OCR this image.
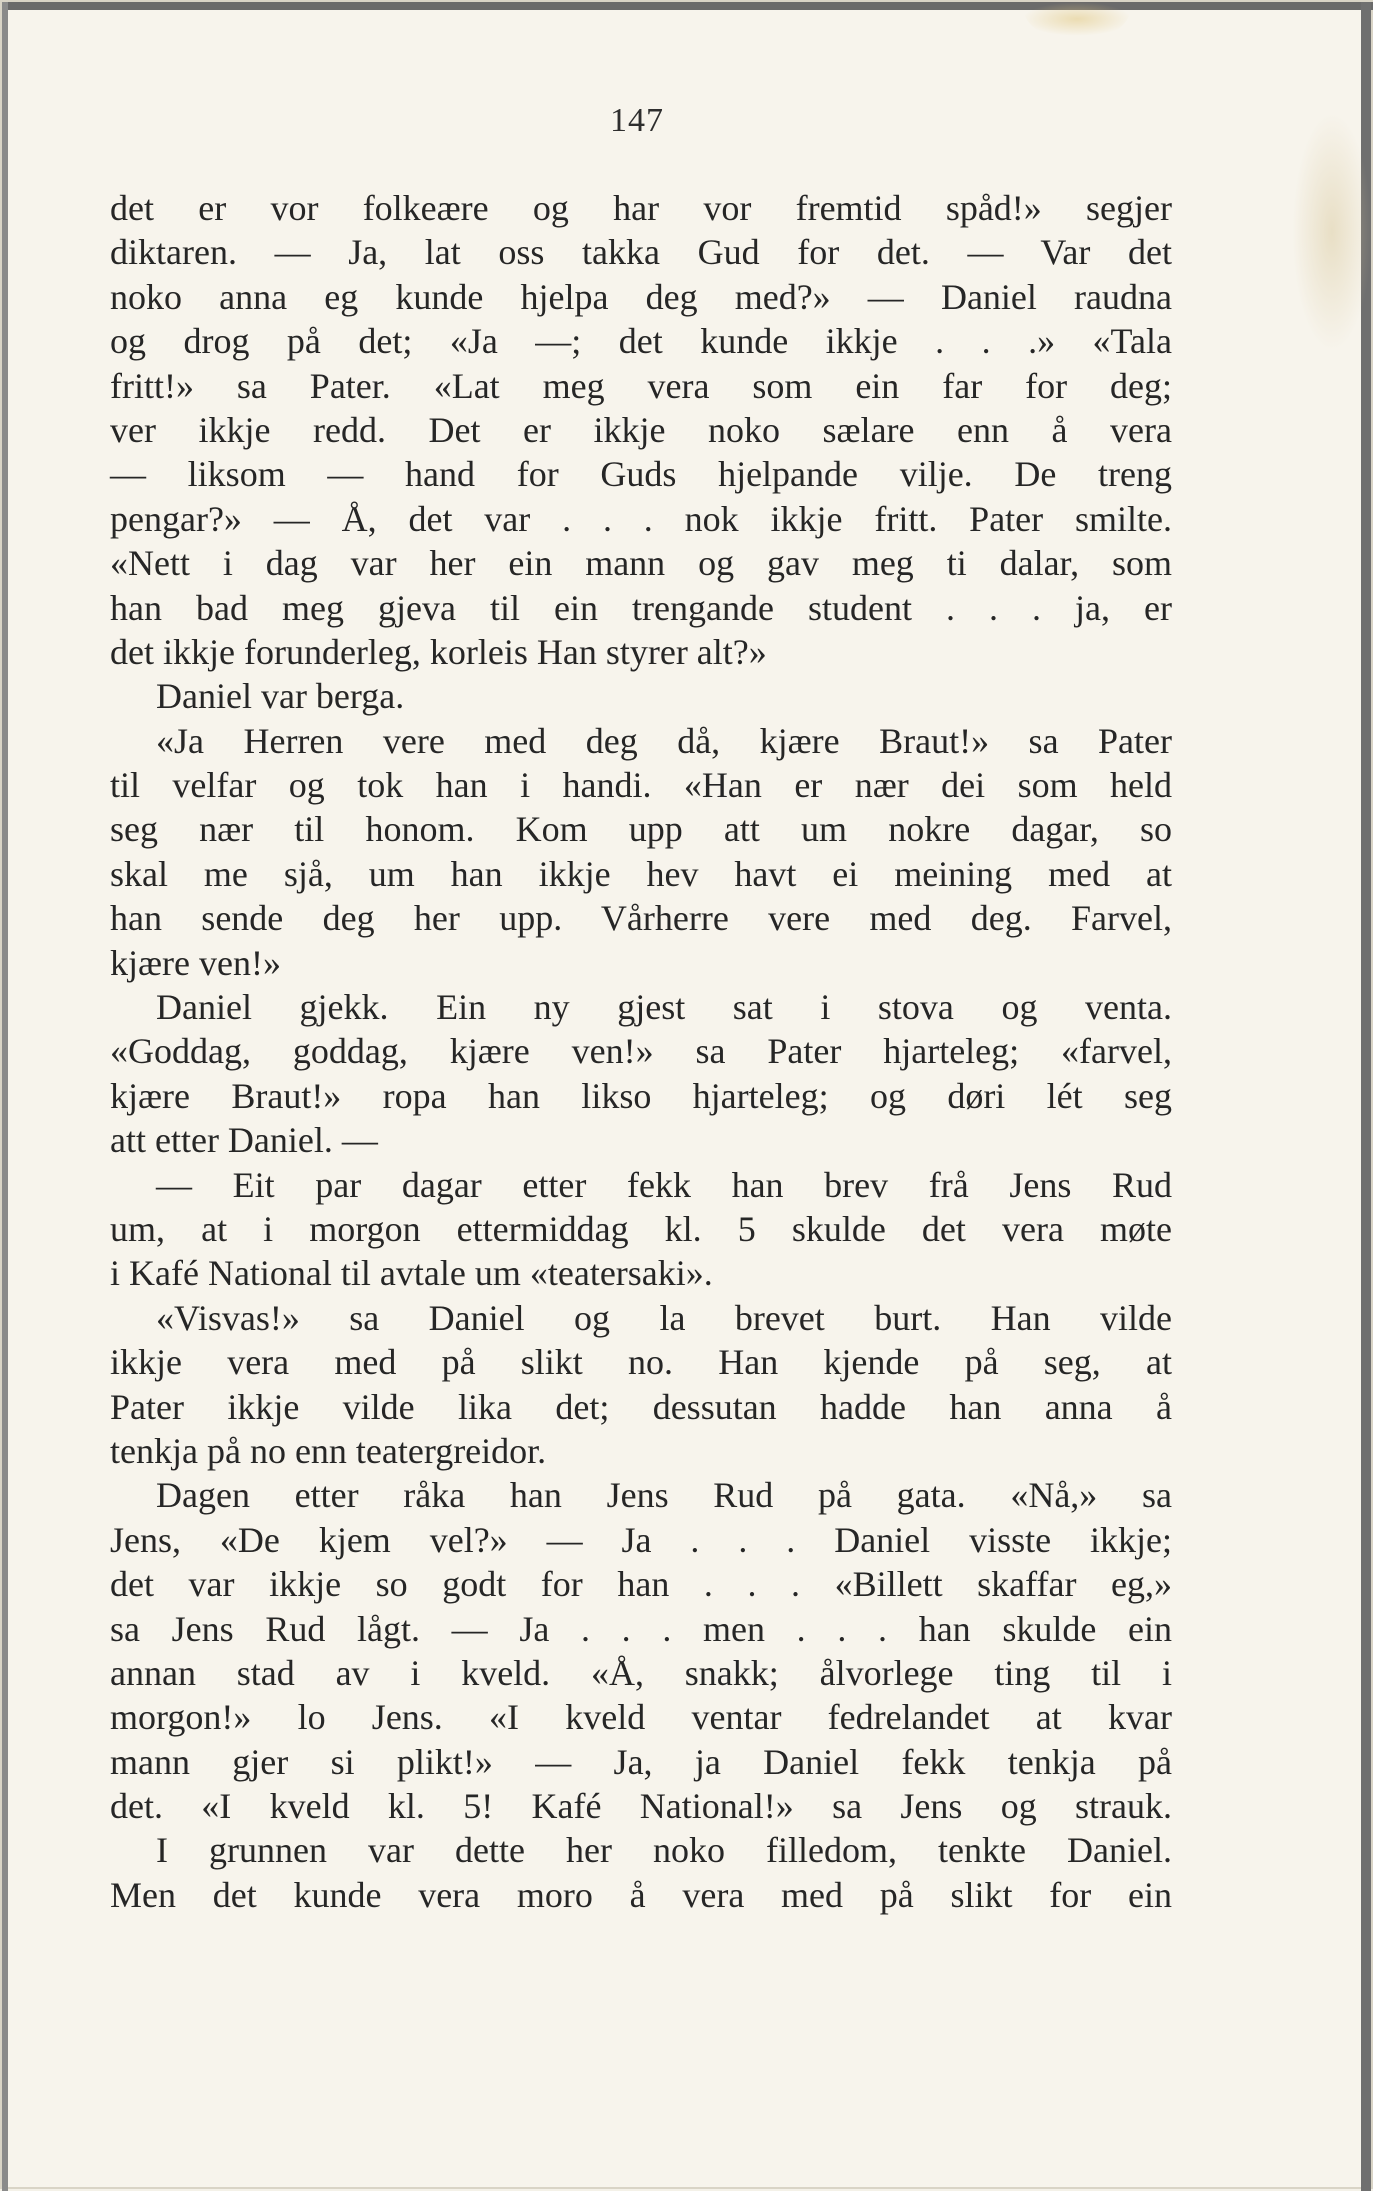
147
det er vor folkeære og har vor fremtid spåd!» segjer
diktaren. — Ja, lat oss takka Gud for det. — Var det
noko anna eg kunde hjelpa deg med?» — Daniel raudna
og drog på det; «Ja —; det kunde ikkje . . .» «Tala
fritt!» sa Pater. «Lat meg vera som ein far for deg;
ver ikkje redd. Det er ikkje noko sælare enn å vera
— liksom — hand for Guds hjelpande vilje. De treng
pengar?» — Å, det var . . . nok ikkje fritt. Pater smilte.
«Nett i dag var her ein mann og gav meg ti dalar, som
han bad meg gjeva til ein trengande student . . . ja, er
det ikkje forunderleg, korleis Han styrer alt?»
Daniel var berga.
«Ja Herren vere med deg då, kjære Braut!» sa Pater
til velfar og tok han i handi. «Han er nær dei som held
seg nær til honom. Kom upp att um nokre dagar, so
skal me sjå, um han ikkje hev havt ei meining med at
han sende deg her upp. Vårherre vere med deg. Farvel,
kjære ven!»
Daniel gjekk. Ein ny gjest sat i stova og venta.
«Goddag, goddag, kjære ven!» sa Pater hjarteleg; «farvel,
kjære Braut!» ropa han likso hjarteleg; og døri lét seg
att etter Daniel. —
— Eit par dagar etter fekk han brev frå Jens Rud
um, at i morgon ettermiddag kl. 5 skulde det vera møte
i Kafé National til avtale um «teatersaki».
«Visvas!» sa Daniel og la brevet burt. Han vilde
ikkje vera med på slikt no. Han kjende på seg, at
Pater ikkje vilde lika det; dessutan hadde han anna å
tenkja på no enn teatergreidor.
Dagen etter råka han Jens Rud på gata. «Nå,» sa
Jens, «De kjem vel?» — Ja . . . Daniel visste ikkje;
det var ikkje so godt for han . . . «Billett skaffar eg,»
sa Jens Rud lågt. — Ja . . . men . . . han skulde ein
annan stad av i kveld. «Å, snakk; ålvorlege ting til i
morgon!» lo Jens. «I kveld ventar fedrelandet at kvar
mann gjer si plikt!» — Ja, ja Daniel fekk tenkja på
det. «I kveld kl. 5! Kafé National!» sa Jens og strauk.
I grunnen var dette her noko filledom, tenkte Daniel.
Men det kunde vera moro å vera med på slikt for ein
